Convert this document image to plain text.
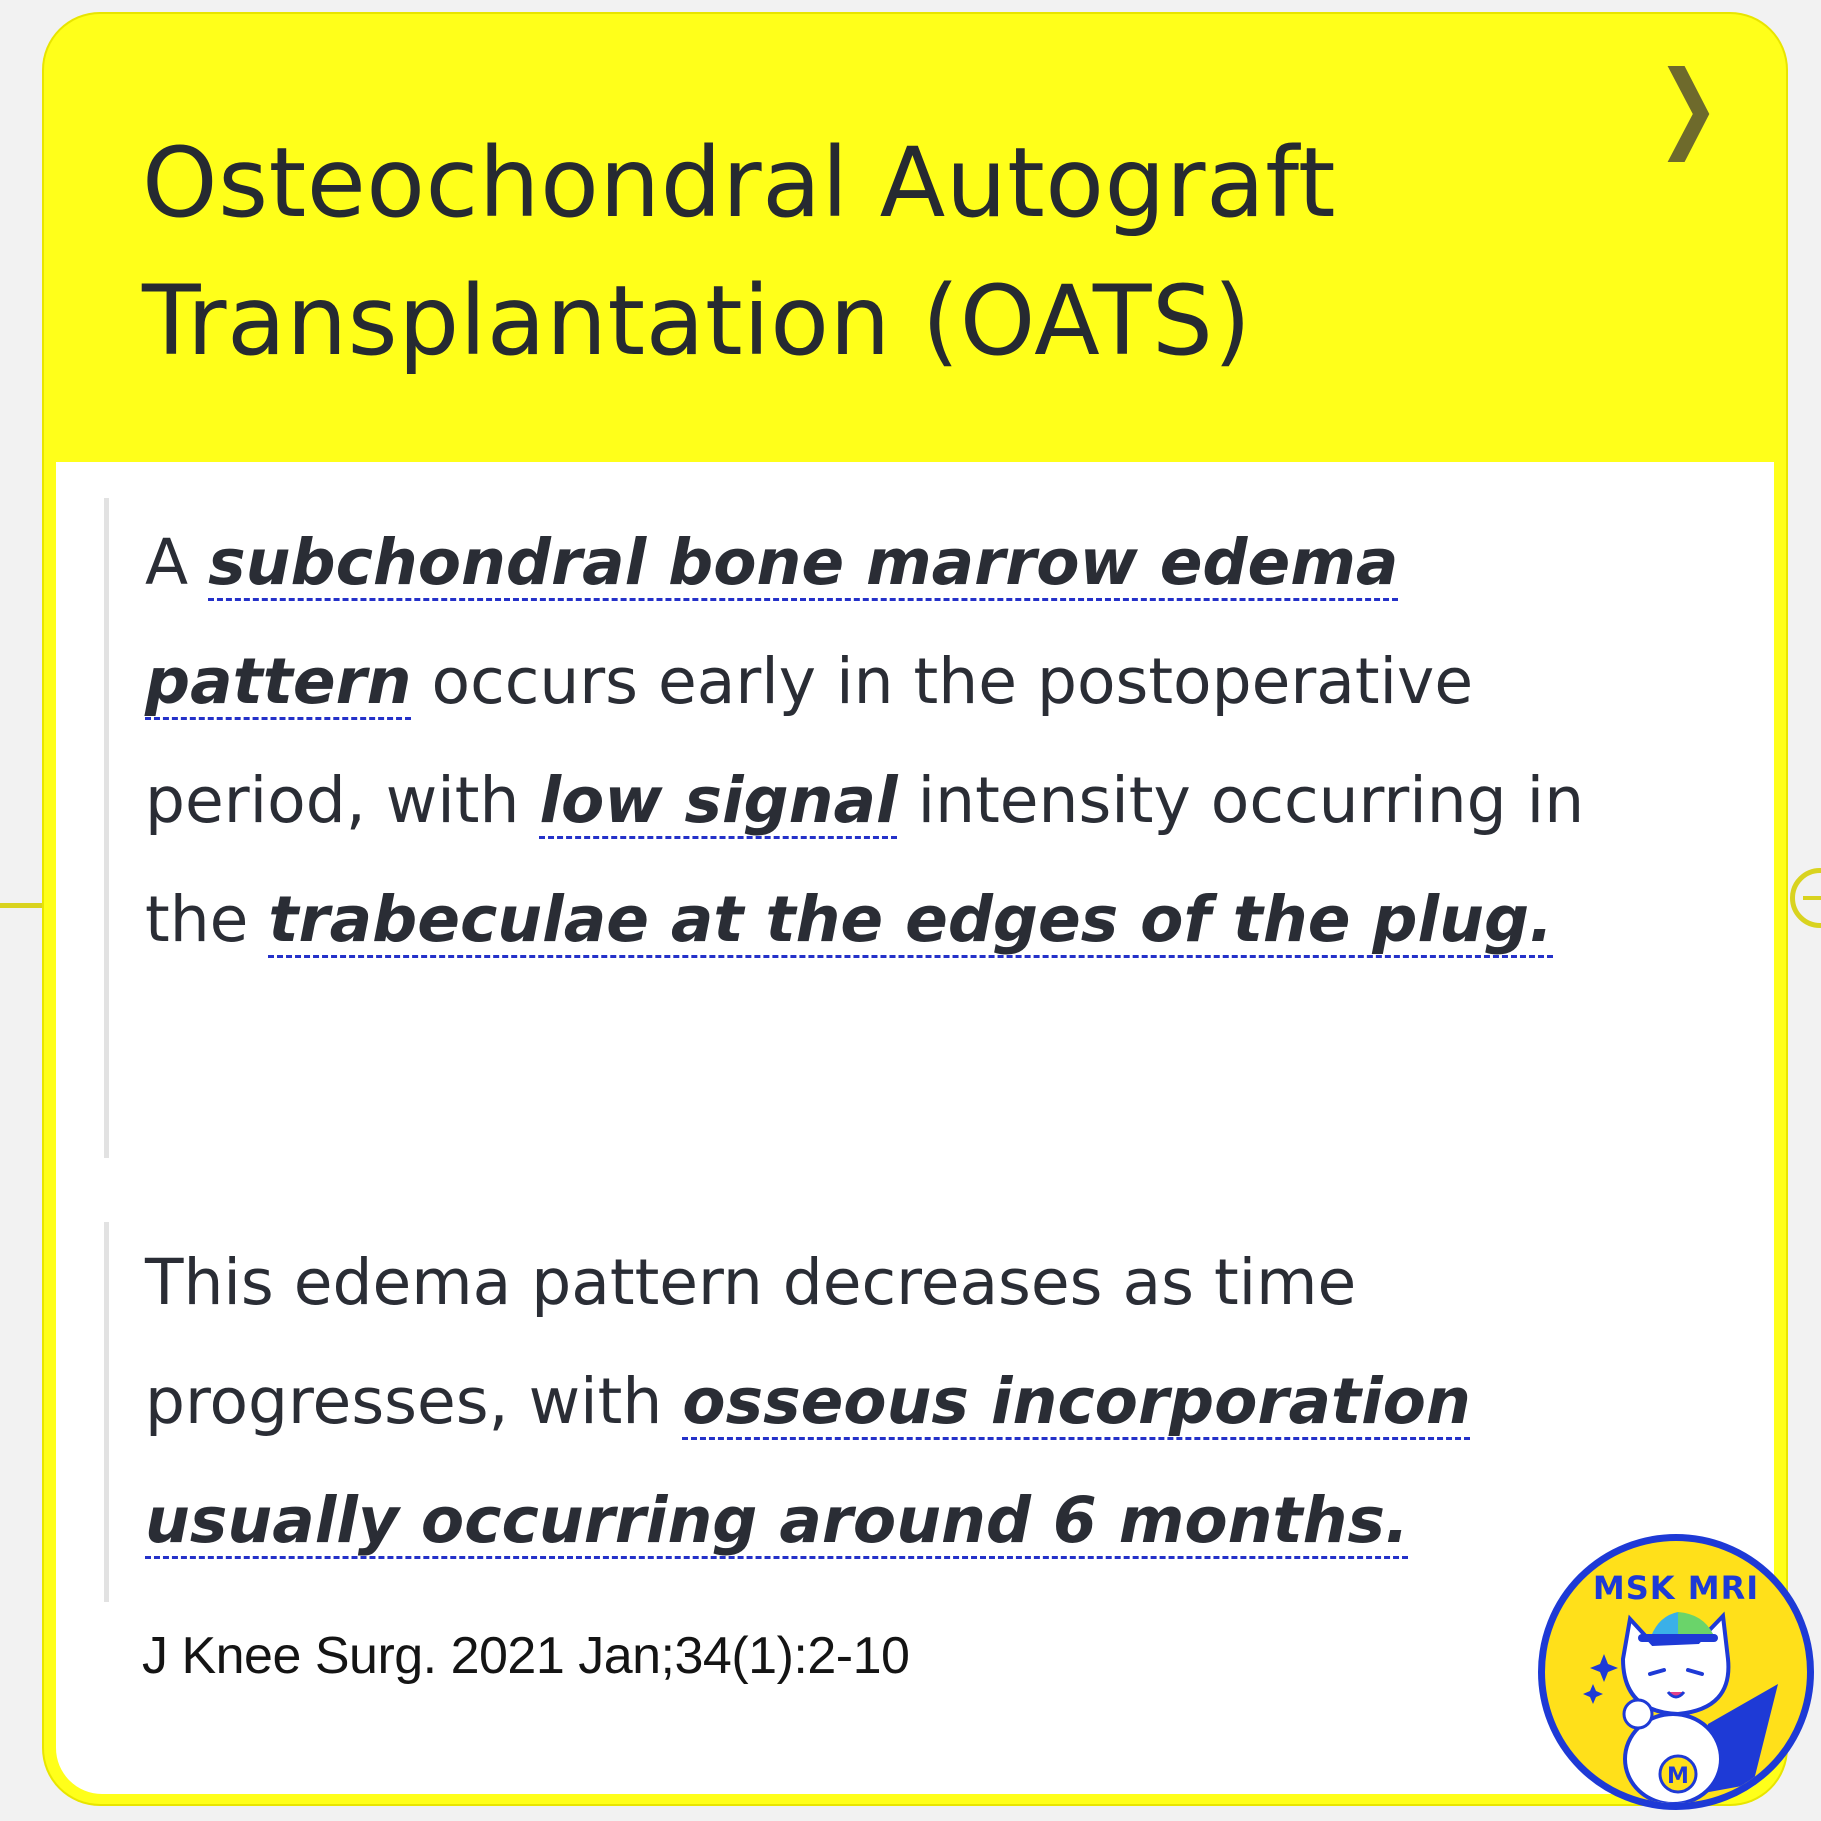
❯
Osteochondral Autograft
Transplantation (OATS)

A subchondral bone marrow edema pattern occurs early in the postoperative period, with low signal intensity occurring in the trabeculae at the edges of the plug.

This edema pattern decreases as time progresses, with osseous incorporation usually occurring around 6 months.

J Knee Surg. 2021 Jan;34(1):2-10
MSK MRI
M
